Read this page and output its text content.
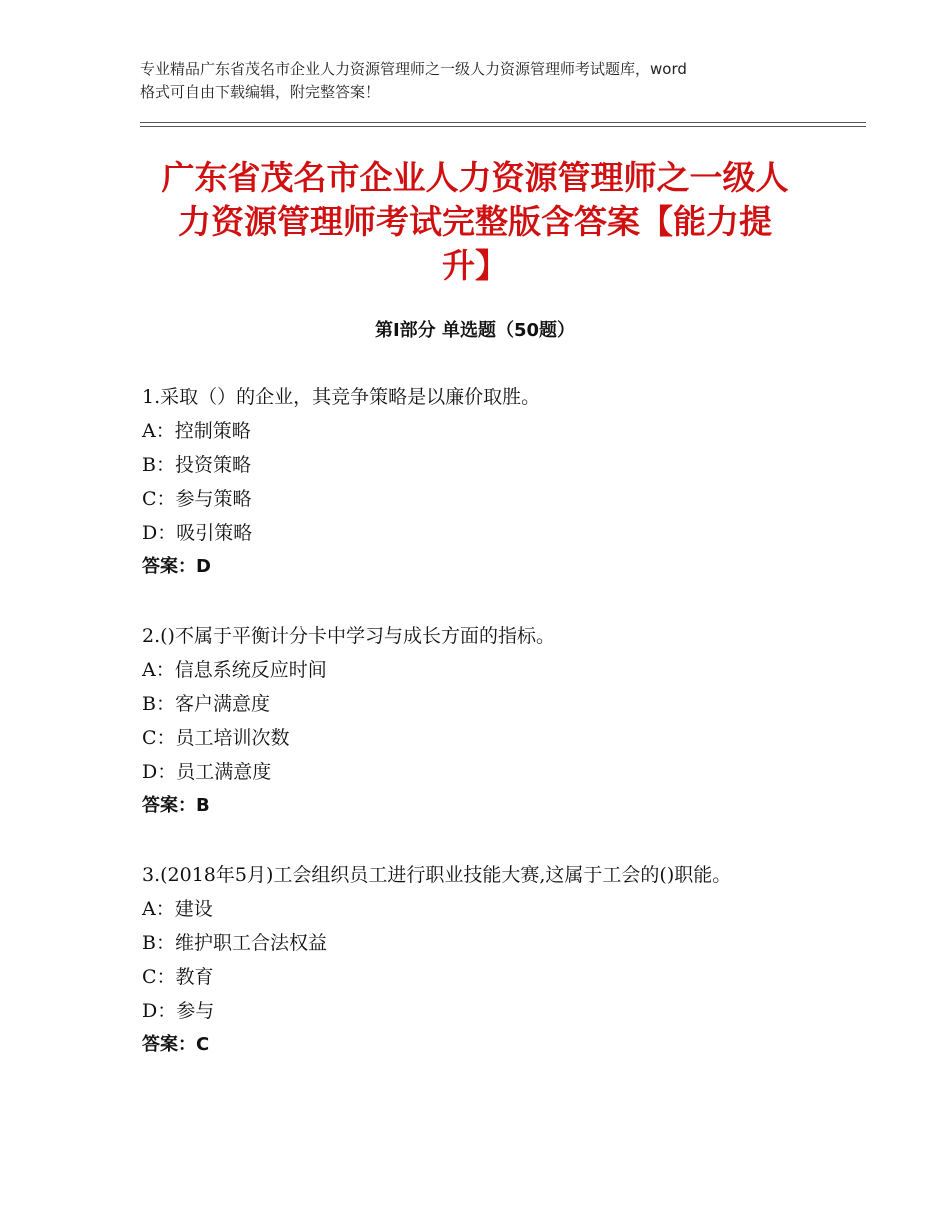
专业精品广东省茂名市企业人力资源管理师之一级人力资源管理师考试题库，word
格式可自由下载编辑，附完整答案！
广东省茂名市企业人力资源管理师之一级人
力资源管理师考试完整版含答案【能力提
升】
第Ⅰ部分 单选题（50题）
1.采取（）的企业，其竞争策略是以廉价取胜。
A：控制策略
B：投资策略
C：参与策略
D：吸引策略
答案：D
2.()不属于平衡计分卡中学习与成长方面的指标。
A：信息系统反应时间
B：客户满意度
C：员工培训次数
D：员工满意度
答案：B
3.(2018年5月)工会组织员工进行职业技能大赛,这属于工会的()职能。
A：建设
B：维护职工合法权益
C：教育
D：参与
答案：C
